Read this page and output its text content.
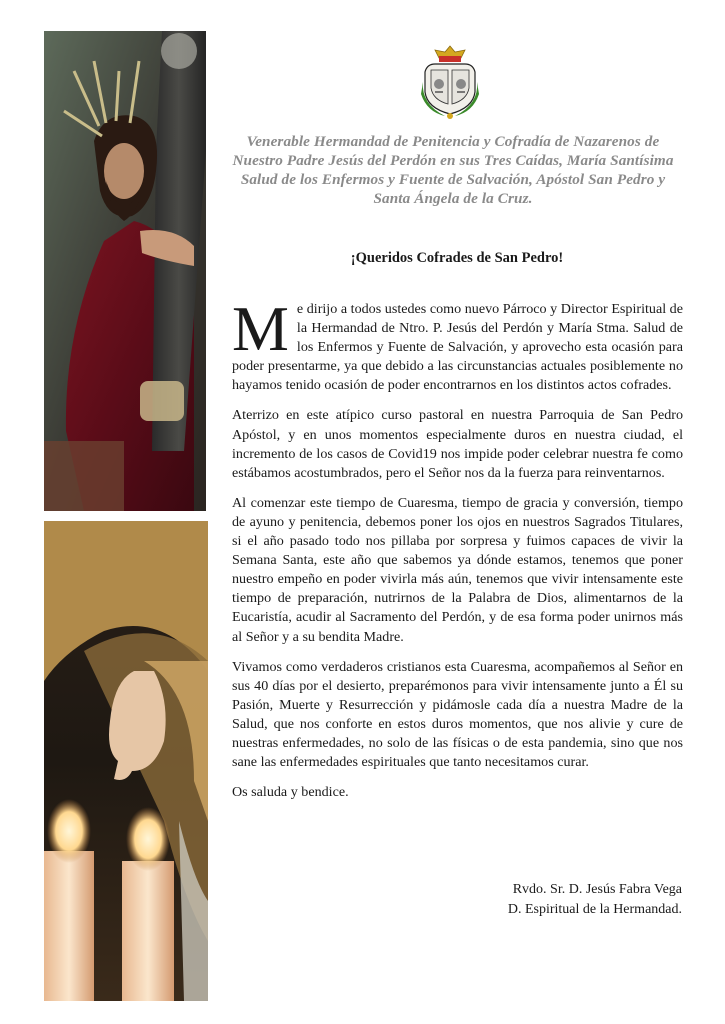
Venerable Hermandad de Penitencia y Cofradía de Nazarenos de Nuestro Padre Jesús del Perdón en sus Tres Caídas, María Santísima Salud de los Enfermos y Fuente de Salvación, Apóstol San Pedro y Santa Ángela de la Cruz.
¡Queridos Cofrades de San Pedro!

Me dirijo a todos ustedes como nuevo Párroco y Director Espiritual de la Hermandad de Ntro. P. Jesús del Perdón y María Stma. Salud de los Enfermos y Fuente de Salvación, y aprovecho esta ocasión para poder presentarme, ya que debido a las circunstancias actuales posiblemente no hayamos tenido ocasión de poder encontrarnos en los distintos actos cofrades.

Aterrizo en este atípico curso pastoral en nuestra Parroquia de San Pedro Apóstol, y en unos momentos especialmente duros en nuestra ciudad, el incremento de los casos de Covid19 nos impide poder celebrar nuestra fe como estábamos acostumbrados, pero el Señor nos da la fuerza para reinventarnos.

Al comenzar este tiempo de Cuaresma, tiempo de gracia y conversión, tiempo de ayuno y penitencia, debemos poner los ojos en nuestros Sagrados Titulares, si el año pasado todo nos pillaba por sorpresa y fuimos capaces de vivir la Semana Santa, este año que sabemos ya dónde estamos, tenemos que poner nuestro empeño en poder vivirla más aún, tenemos que vivir intensamente este tiempo de preparación, nutrirnos de la Palabra de Dios, alimentarnos de la Eucaristía, acudir al Sacramento del Perdón, y de esa forma poder unirnos más al Señor y a su bendita Madre.

Vivamos como verdaderos cristianos esta Cuaresma, acompañemos al Señor en sus 40 días por el desierto, preparémonos para vivir intensamente junto a Él su Pasión, Muerte y Resurrección y pidámosle cada día a nuestra Madre de la Salud, que nos conforte en estos duros momentos, que nos alivie y cure de nuestras enfermedades, no solo de las físicas o de esta pandemia, sino que nos sane las enfermedades espirituales que tanto necesitamos curar.

Os saluda y bendice.

Rvdo. Sr. D. Jesús Fabra Vega
D. Espiritual de la Hermandad.
